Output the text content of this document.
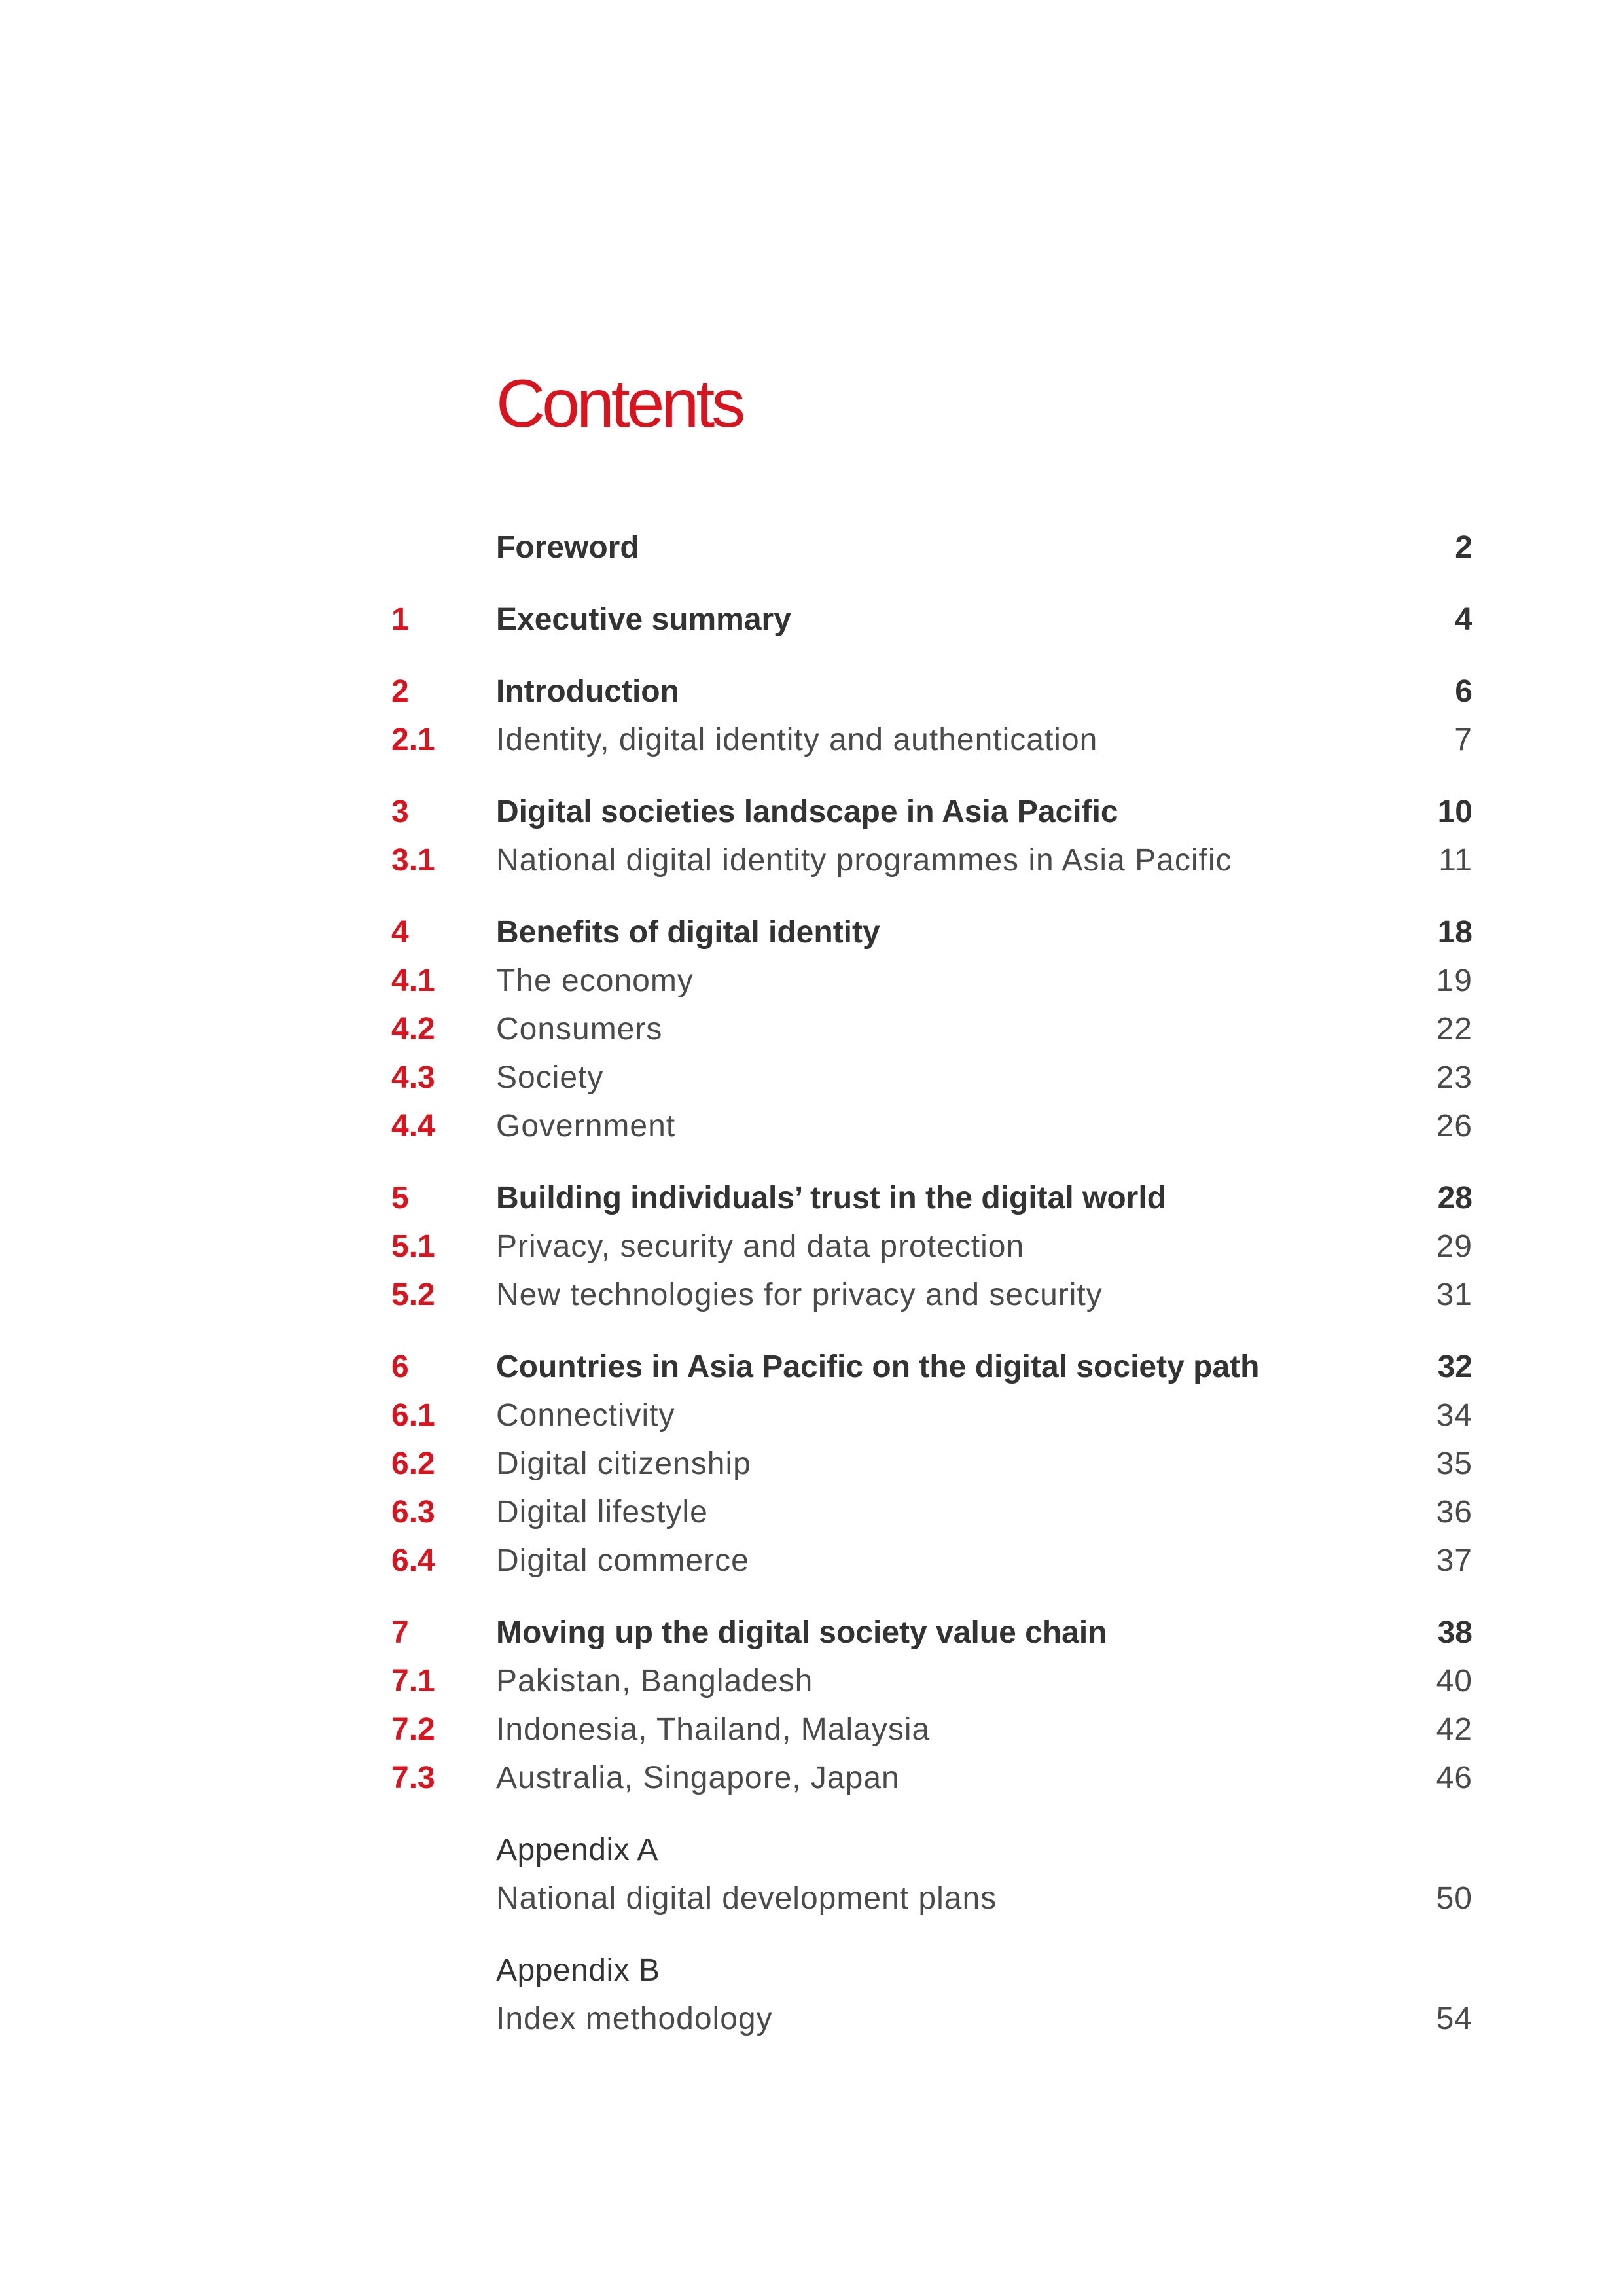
Contents
Foreword	2
1	Executive summary	4
2	Introduction	6
2.1	Identity, digital identity and authentication	7
3	Digital societies landscape in Asia Pacific	10
3.1	National digital identity programmes in Asia Pacific	11
4	Benefits of digital identity	18
4.1	The economy	19
4.2	Consumers	22
4.3	Society	23
4.4	Government	26
5	Building individuals’ trust in the digital world	28
5.1	Privacy, security and data protection	29
5.2	New technologies for privacy and security	31
6	Countries in Asia Pacific on the digital society path	32
6.1	Connectivity	34
6.2	Digital citizenship	35
6.3	Digital lifestyle	36
6.4	Digital commerce	37
7	Moving up the digital society value chain	38
7.1	Pakistan, Bangladesh	40
7.2	Indonesia, Thailand, Malaysia	42
7.3	Australia, Singapore, Japan	46
Appendix A
National digital development plans	50
Appendix B
Index methodology	54
